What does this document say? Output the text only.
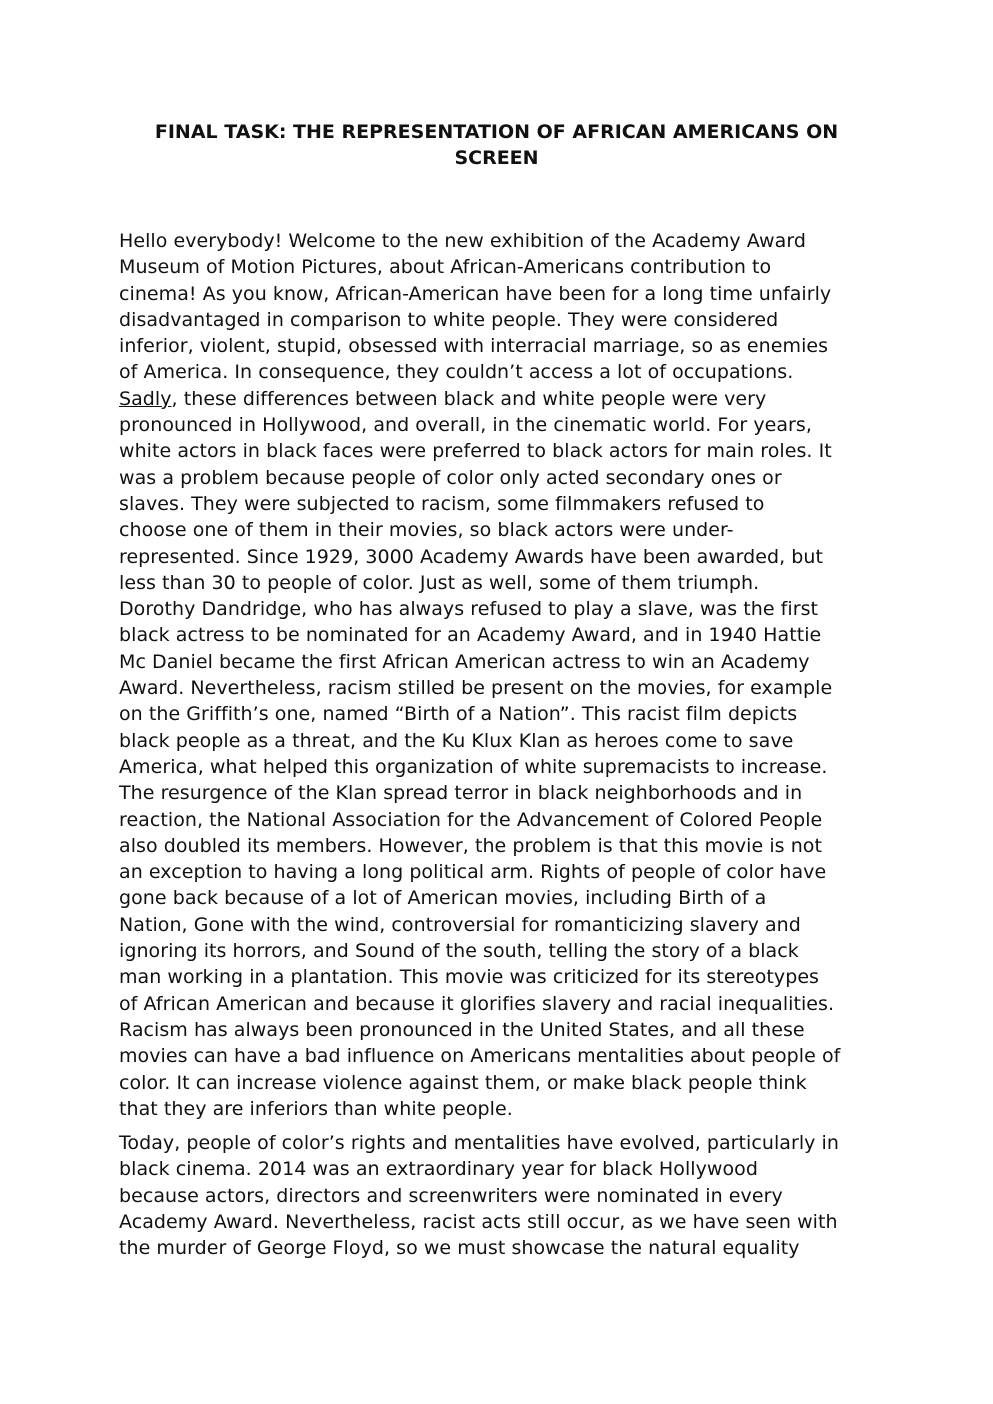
FINAL TASK: THE REPRESENTATION OF AFRICAN AMERICANS ON
SCREEN

Hello everybody! Welcome to the new exhibition of the Academy Award
Museum of Motion Pictures, about African-Americans contribution to
cinema! As you know, African-American have been for a long time unfairly
disadvantaged in comparison to white people. They were considered
inferior, violent, stupid, obsessed with interracial marriage, so as enemies
of America. In consequence, they couldn’t access a lot of occupations.
Sadly, these differences between black and white people were very
pronounced in Hollywood, and overall, in the cinematic world. For years,
white actors in black faces were preferred to black actors for main roles. It
was a problem because people of color only acted secondary ones or
slaves. They were subjected to racism, some filmmakers refused to
choose one of them in their movies, so black actors were under-
represented. Since 1929, 3000 Academy Awards have been awarded, but
less than 30 to people of color. Just as well, some of them triumph.
Dorothy Dandridge, who has always refused to play a slave, was the first
black actress to be nominated for an Academy Award, and in 1940 Hattie
Mc Daniel became the first African American actress to win an Academy
Award. Nevertheless, racism stilled be present on the movies, for example
on the Griffith’s one, named “Birth of a Nation”. This racist film depicts
black people as a threat, and the Ku Klux Klan as heroes come to save
America, what helped this organization of white supremacists to increase.
The resurgence of the Klan spread terror in black neighborhoods and in
reaction, the National Association for the Advancement of Colored People
also doubled its members. However, the problem is that this movie is not
an exception to having a long political arm. Rights of people of color have
gone back because of a lot of American movies, including Birth of a
Nation, Gone with the wind, controversial for romanticizing slavery and
ignoring its horrors, and Sound of the south, telling the story of a black
man working in a plantation. This movie was criticized for its stereotypes
of African American and because it glorifies slavery and racial inequalities.
Racism has always been pronounced in the United States, and all these
movies can have a bad influence on Americans mentalities about people of
color. It can increase violence against them, or make black people think
that they are inferiors than white people.

Today, people of color’s rights and mentalities have evolved, particularly in
black cinema. 2014 was an extraordinary year for black Hollywood
because actors, directors and screenwriters were nominated in every
Academy Award. Nevertheless, racist acts still occur, as we have seen with
the murder of George Floyd, so we must showcase the natural equality
